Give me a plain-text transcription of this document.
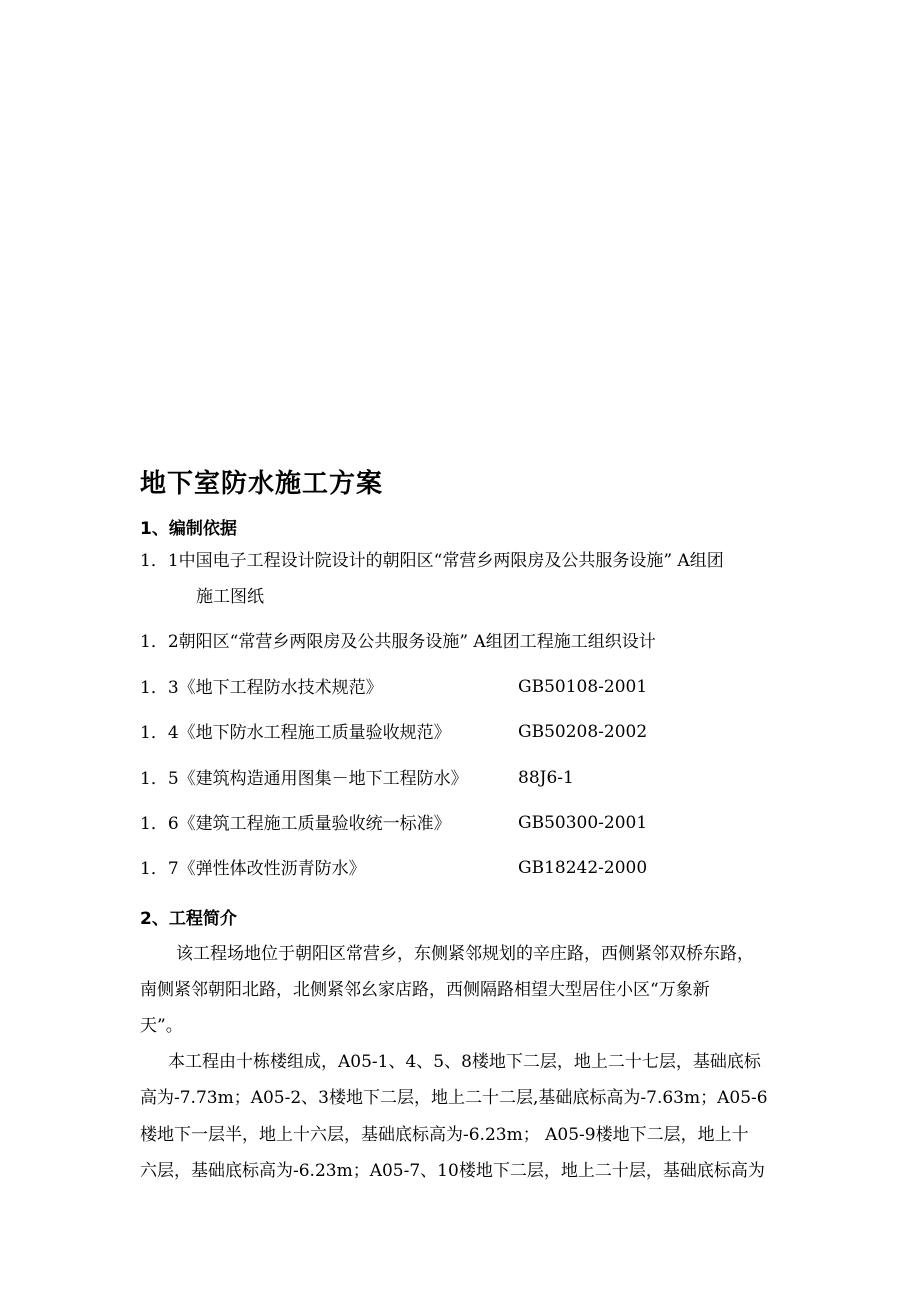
地下室防水施工方案
1、编制依据
1．1中国电子工程设计院设计的朝阳区“常营乡两限房及公共服务设施” A组团
施工图纸
1．2朝阳区“常营乡两限房及公共服务设施” A组团工程施工组织设计
1．3《地下工程防水技术规范》	GB50108-2001
1．4《地下防水工程施工质量验收规范》	GB50208-2002
1．5《建筑构造通用图集－地下工程防水》	88J6-1
1．6《建筑工程施工质量验收统一标准》	GB50300-2001
1．7《弹性体改性沥青防水》	GB18242-2000
2、工程简介
该工程场地位于朝阳区常营乡，东侧紧邻规划的辛庄路，西侧紧邻双桥东路，
南侧紧邻朝阳北路，北侧紧邻幺家店路，西侧隔路相望大型居住小区“万象新
天”。
本工程由十栋楼组成，A05-1、4、5、8楼地下二层，地上二十七层，基础底标
高为-7.73m；A05-2、3楼地下二层，地上二十二层,基础底标高为-7.63m；A05-6
楼地下一层半，地上十六层，基础底标高为-6.23m； A05-9楼地下二层，地上十
六层，基础底标高为-6.23m；A05-7、10楼地下二层，地上二十层，基础底标高为
